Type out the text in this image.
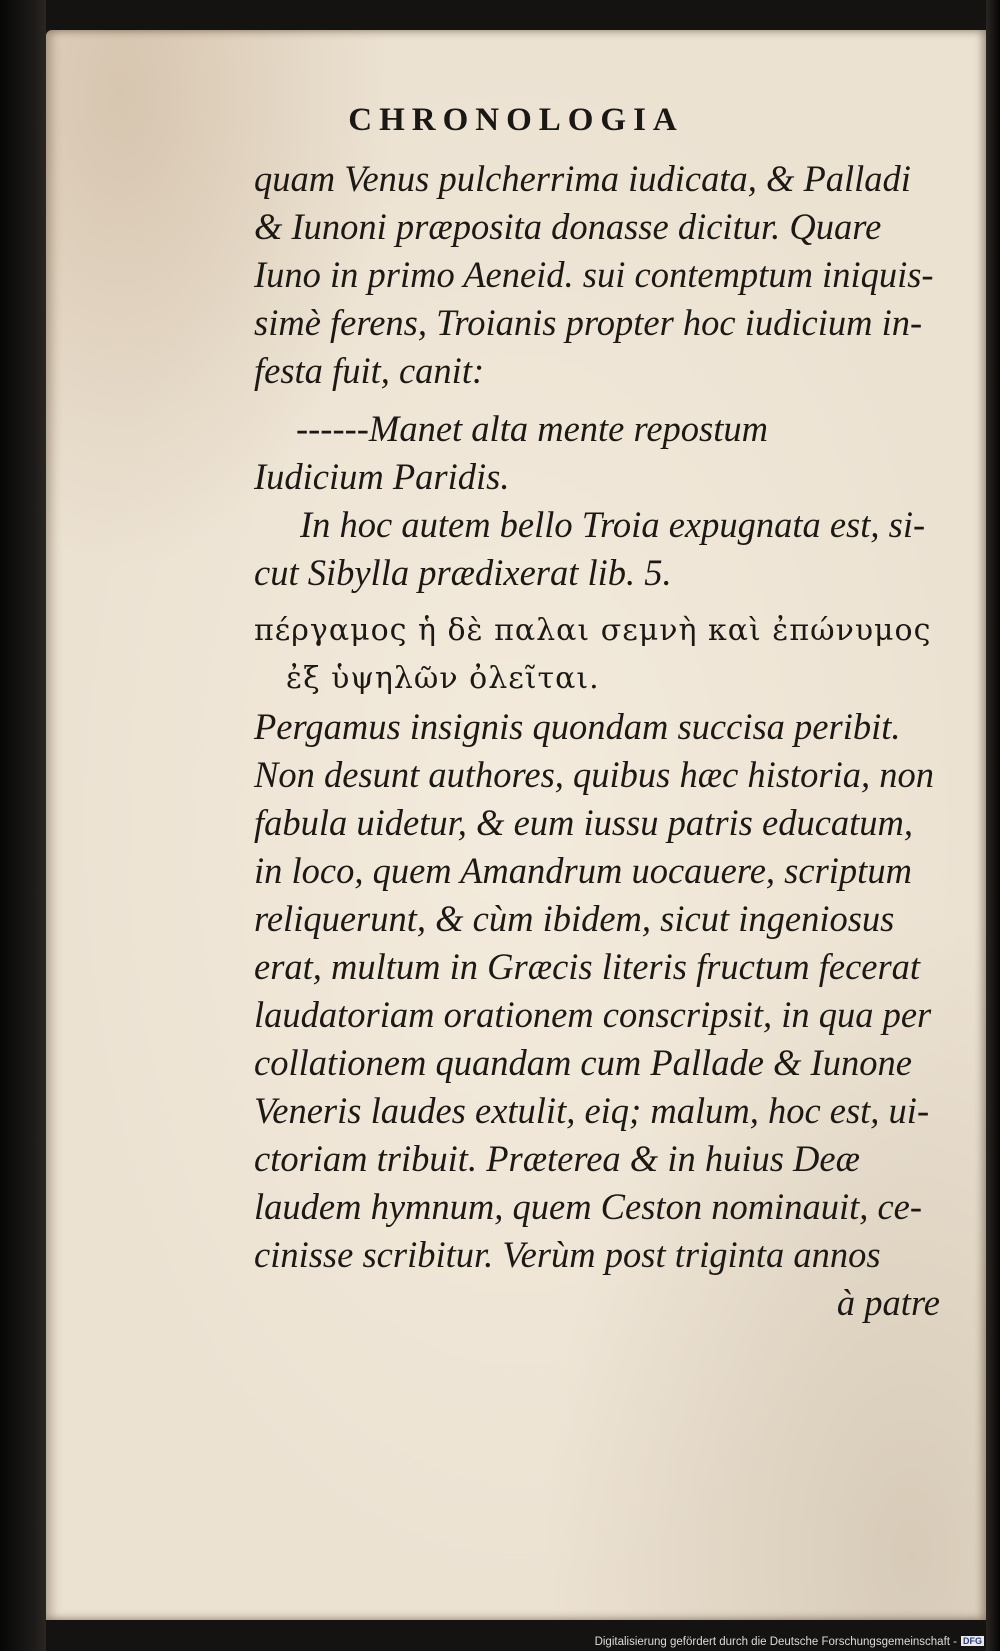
CHRONOLOGIA
quam Venus pulcherrima iudicata, & Palladi
& Iunoni præposita donasse dicitur. Quare
Iuno in primo Aeneid. sui contemptum iniquis-
simè ferens, Troianis propter hoc iudicium in-
festa fuit, canit:
------Manet alta mente repostum
Iudicium Paridis.
In hoc autem bello Troia expugnata est, si-
cut Sibylla prædixerat lib. 5.
πέργαμος ἡ δὲ παλαι σεμνὴ καὶ ἐπώνυμος
ἐξ ὑψηλῶν ὀλεῖται.
Pergamus insignis quondam succisa peribit.
Non desunt authores, quibus hæc historia, non
fabula uidetur, & eum iussu patris educatum,
in loco, quem Amandrum uocauere, scriptum
reliquerunt, & cùm ibidem, sicut ingeniosus
erat, multum in Græcis literis fructum fecerat
laudatoriam orationem conscripsit, in qua per
collationem quandam cum Pallade & Iunone
Veneris laudes extulit, eiq; malum, hoc est, ui-
ctoriam tribuit. Præterea & in huius Deæ
laudem hymnum, quem Ceston nominauit, ce-
cinisse scribitur. Verùm post triginta annos
à patre
Digitalisierung gefördert durch die Deutsche Forschungsgemeinschaft - DFG
